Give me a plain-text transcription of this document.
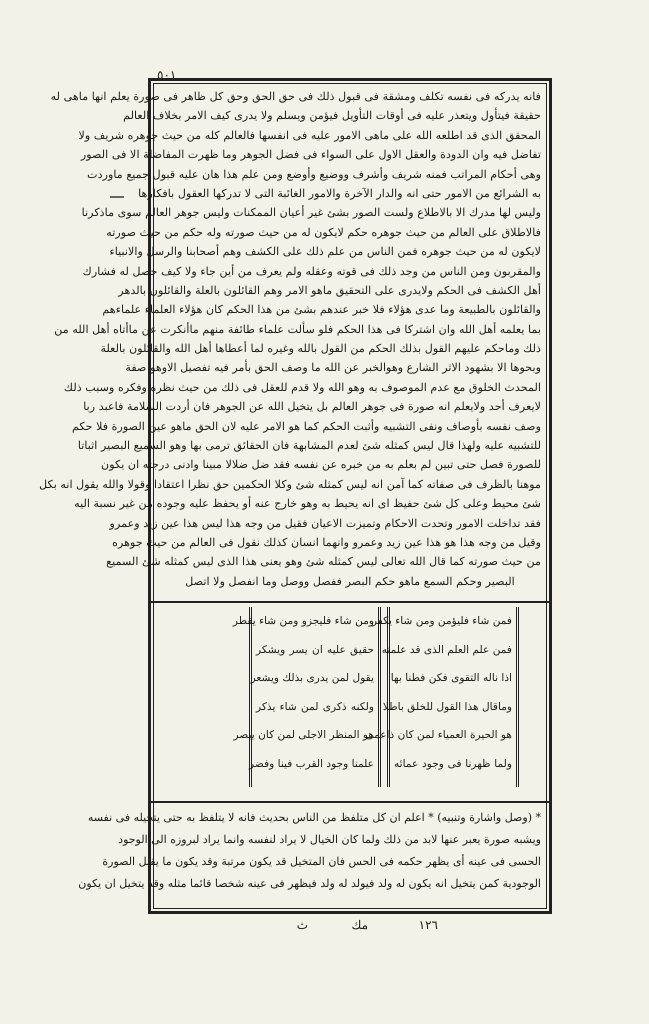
٥٠١
فانه يدركه فى نفسه تكلف ومشقة فى قبول ذلك فى حق الحق وحق كل ظاهر فى صورة يعلم انها ماهى له
حقيقة فيتأول ويتعذر عليه فى أوقات التأويل فيؤمن ويسلم ولا يدرى كيف الامر بخلاف العالم
المحقق الذى قد اطلعه الله على ماهى الامور عليه فى انفسها فالعالم كله من حيث جوهره شريف ولا
تفاضل فيه وان الدودة والعقل الاول على السواء فى فضل الجوهر وما ظهرت المفاضلة الا فى الصور
وهى أحكام المراتب فمنه شريف وأشرف ووضيع وأوضع ومن علم هذا هان عليه قبول جميع ماوردت
به الشرائع من الامور حتى انه والدار الآخرة والامور الغائبة التى لا تدركها العقول بافكارها
وليس لها مدرك الا بالاطلاع ولست الصور بشئ غير أعيان الممكنات وليس جوهر العالم سوى ماذكرنا
فالاطلاق على العالم من حيث جوهره حكم لايكون له من حيث صورته وله حكم من حيث صورته
لايكون له من حيث جوهره فمن الناس من علم ذلك على الكشف وهم أصحابنا والرسل والانبياء
والمقربون ومن الناس من وجد ذلك فى قوته وعقله ولم يعرف من أين جاء ولا كيف حصل له فشارك
أهل الكشف فى الحكم ولايدرى على التحقيق ماهو الامر وهم القائلون بالعلة والقائلون بالدهر
والقائلون بالطبيعة وما عدى هؤلاء فلا خبر عندهم بشئ من هذا الحكم كان هؤلاء العلماء علماءهم
بما يعلمه أهل الله وان اشتركا فى هذا الحكم فلو سألت علماء طائفة منهم ماأنكرت عن ماأتاه أهل الله من
ذلك وماحكم عليهم القول بذلك الحكم من القول بالله وغيره لما أعطاها أهل الله والقائلون بالعلة
وبحوها الا بشهود الاثر الشارع وهوالخبر عن الله ما وصف الحق بأمر فيه تفصيل الاوهو صفة
المحدث الخلوق مع عدم الموصوف به وهو الله ولا قدم للعقل فى ذلك من حيث نظره وفكره وسبب ذلك
لايعرف أحد ولايعلم انه صورة فى جوهر العالم بل يتخيل الله عن الجوهر فان أردت السلامة فاعبد ربا
وصف نفسه بأوصاف ونفى التشبيه وأثبت الحكم كما هو الامر عليه لان الحق ماهو عين الصورة فلا حكم
للتشبيه عليه ولهذا قال ليس كمثله شئ لعدم المشابهة فان الحقائق ترمى بها وهو السميع البصير اثباتا
للصورة فصل حتى تبين لم بعلم به من خبره عن نفسه فقد ضل ضلالا مبينا وادنى درجته ان يكون
موهنا بالظرف فى صفاته كما آمن انه ليس كمثله شئ وكلا الحكمين حق نظرا اعتقادا وقولا والله يقول انه بكل
شئ محيط وعلى كل شئ حفيظ اى انه يحيط به وهو خارج عنه أو يحفظ عليه وجوده من غير نسبة اليه
فقد تداخلت الامور وتحدت الاحكام وتميزت الاعيان فقيل من وجه هذا ليس هذا عين زيد وعمرو
وقيل من وجه هذا هو هذا عين زيد وعمرو وانهما انسان كذلك نقول فى العالم من حيث جوهره
من حيث صورته كما قال الله تعالى ليس كمثله شئ وهو يعنى هذا الذى ليس كمثله شئ السميع
البصير وحكم السمع ماهو حكم البصر ففصل ووصل وما انفصل ولا اتصل
فمن شاء فليؤمن ومن شاء يكفر
فمن علم العلم الذى قد علمته
اذا ناله التقوى فكن فطنا بها
وماقال هذا القول للخلق باطلا
هو الحيرة العمياء لمن كان ذاعمى
ولما ظهرنا فى وجود عمائه
ومن شاء فليجزو ومن شاء يقطر
حقيق عليه ان يسر ويشكر
يقول لمن يدرى بذلك ويشعر
ولكنه ذكرى لمن شاء يذكر
هو المنظر الاجلى لمن كان يبصر
علمنا وجود القرب فينا وفضر
* (وصل واشارة وتنبيه) * اعلم ان كل متلفظ من الناس بحديث فانه لا يتلفظ به حتى يتخيله فى نفسه
ويشبه صورة يعبر عنها لابد من ذلك ولما كان الخيال لا يراد لنفسه وانما يراد لبروزه الى الوجود
الحسى فى عينه أى يظهر حكمه فى الحس فان المتخيل قد يكون مرتبة وقد يكون ما يقبل الصورة
الوجودية كمن يتخيل انه يكون له ولد فيولد له ولد فيظهر فى عينه شخصا قائما مثله وقد يتخيل ان يكون
١٢٦
مك
ث
